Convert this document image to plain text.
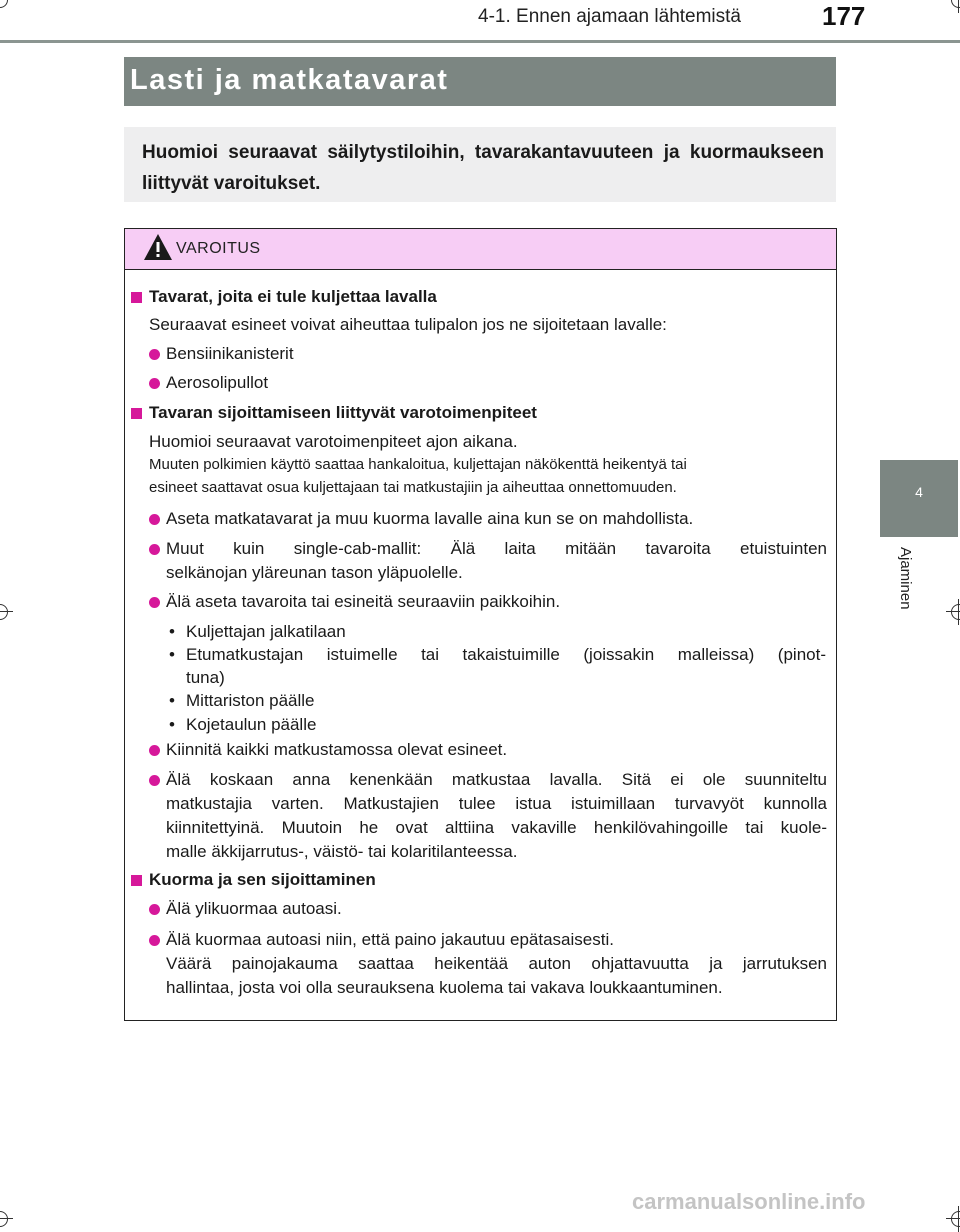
4-1. Ennen ajamaan lähtemistä	177
4
Ajaminen
Lasti ja matkatavarat

Huomioi seuraavat säilytystiloihin, tavarakantavuuteen ja kuormaukseen liittyvät varoitukset.

VAROITUS
Tavarat, joita ei tule kuljettaa lavalla
Seuraavat esineet voivat aiheuttaa tulipalon jos ne sijoitetaan lavalle:
Bensiinikanisterit
Aerosolipullot
Tavaran sijoittamiseen liittyvät varotoimenpiteet
Huomioi seuraavat varotoimenpiteet ajon aikana.
Muuten polkimien käyttö saattaa hankaloitua, kuljettajan näkökenttä heikentyä tai
esineet saattavat osua kuljettajaan tai matkustajiin ja aiheuttaa onnettomuuden.
Aseta matkatavarat ja muu kuorma lavalle aina kun se on mahdollista.
Muut kuin single-cab-mallit: Älä laita mitään tavaroita etuistuinten
selkänojan yläreunan tason yläpuolelle.
Älä aseta tavaroita tai esineitä seuraaviin paikkoihin.
• Kuljettajan jalkatilaan
• Etumatkustajan istuimelle tai takaistuimille (joissakin malleissa) (pinot-
tuna)
• Mittariston päälle
• Kojetaulun päälle
Kiinnitä kaikki matkustamossa olevat esineet.
Älä koskaan anna kenenkään matkustaa lavalla. Sitä ei ole suunniteltu
matkustajia varten. Matkustajien tulee istua istuimillaan turvavyöt kunnolla
kiinnitettyinä. Muutoin he ovat alttiina vakaville henkilövahingoille tai kuole-
malle äkkijarrutus-, väistö- tai kolaritilanteessa.
Kuorma ja sen sijoittaminen
Älä ylikuormaa autoasi.
Älä kuormaa autoasi niin, että paino jakautuu epätasaisesti.
Väärä painojakauma saattaa heikentää auton ohjattavuutta ja jarrutuksen
hallintaa, josta voi olla seurauksena kuolema tai vakava loukkaantuminen.
carmanualsonline.info
